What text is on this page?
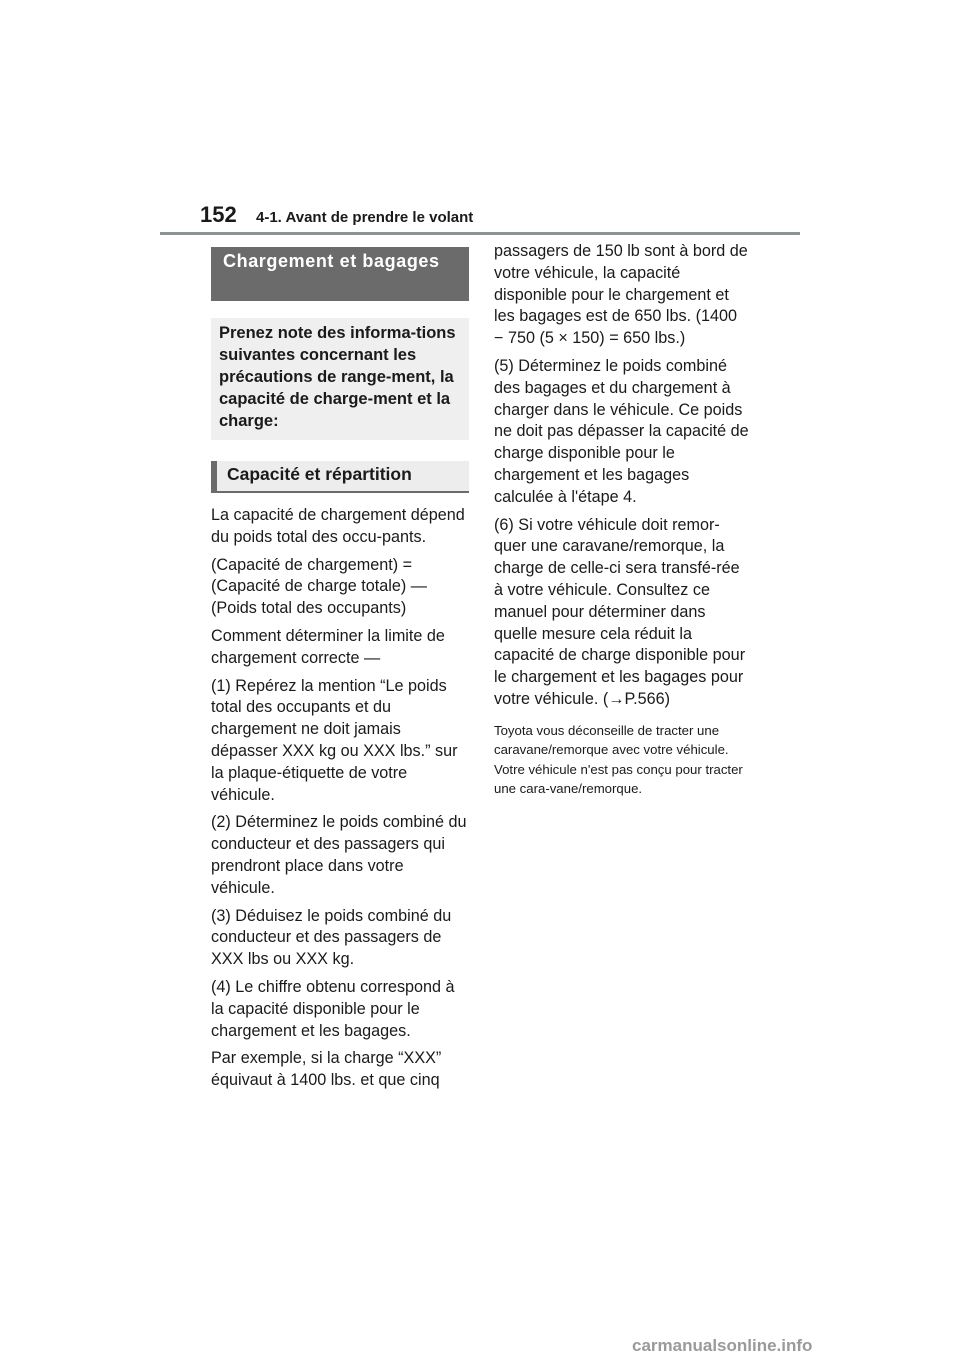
152 4-1. Avant de prendre le volant
Chargement et bagages
Prenez note des informa-tions suivantes concernant les précautions de range-ment, la capacité de charge-ment et la charge:
Capacité et répartition

La capacité de chargement dépend du poids total des occu-pants.

(Capacité de chargement) = (Capacité de charge totale) — (Poids total des occupants)

Comment déterminer la limite de chargement correcte —

(1) Repérez la mention “Le poids total des occupants et du chargement ne doit jamais dépasser XXX kg ou XXX lbs.” sur la plaque-étiquette de votre véhicule.

(2) Déterminez le poids combiné du conducteur et des passagers qui prendront place dans votre véhicule.

(3) Déduisez le poids combiné du conducteur et des passagers de XXX lbs ou XXX kg.

(4) Le chiffre obtenu correspond à la capacité disponible pour le chargement et les bagages.

Par exemple, si la charge “XXX” équivaut à 1400 lbs. et que cinq

passagers de 150 lb sont à bord de votre véhicule, la capacité disponible pour le chargement et les bagages est de 650 lbs. (1400 − 750 (5 × 150) = 650 lbs.)

(5) Déterminez le poids combiné des bagages et du chargement à charger dans le véhicule. Ce poids ne doit pas dépasser la capacité de charge disponible pour le chargement et les bagages calculée à l'étape 4.

(6) Si votre véhicule doit remor-quer une caravane/remorque, la charge de celle-ci sera transfé-rée à votre véhicule. Consultez ce manuel pour déterminer dans quelle mesure cela réduit la capacité de charge disponible pour le chargement et les bagages pour votre véhicule. (→P.566)

Toyota vous déconseille de tracter une caravane/remorque avec votre véhicule. Votre véhicule n'est pas conçu pour tracter une cara-vane/remorque.
carmanualsonline.info
